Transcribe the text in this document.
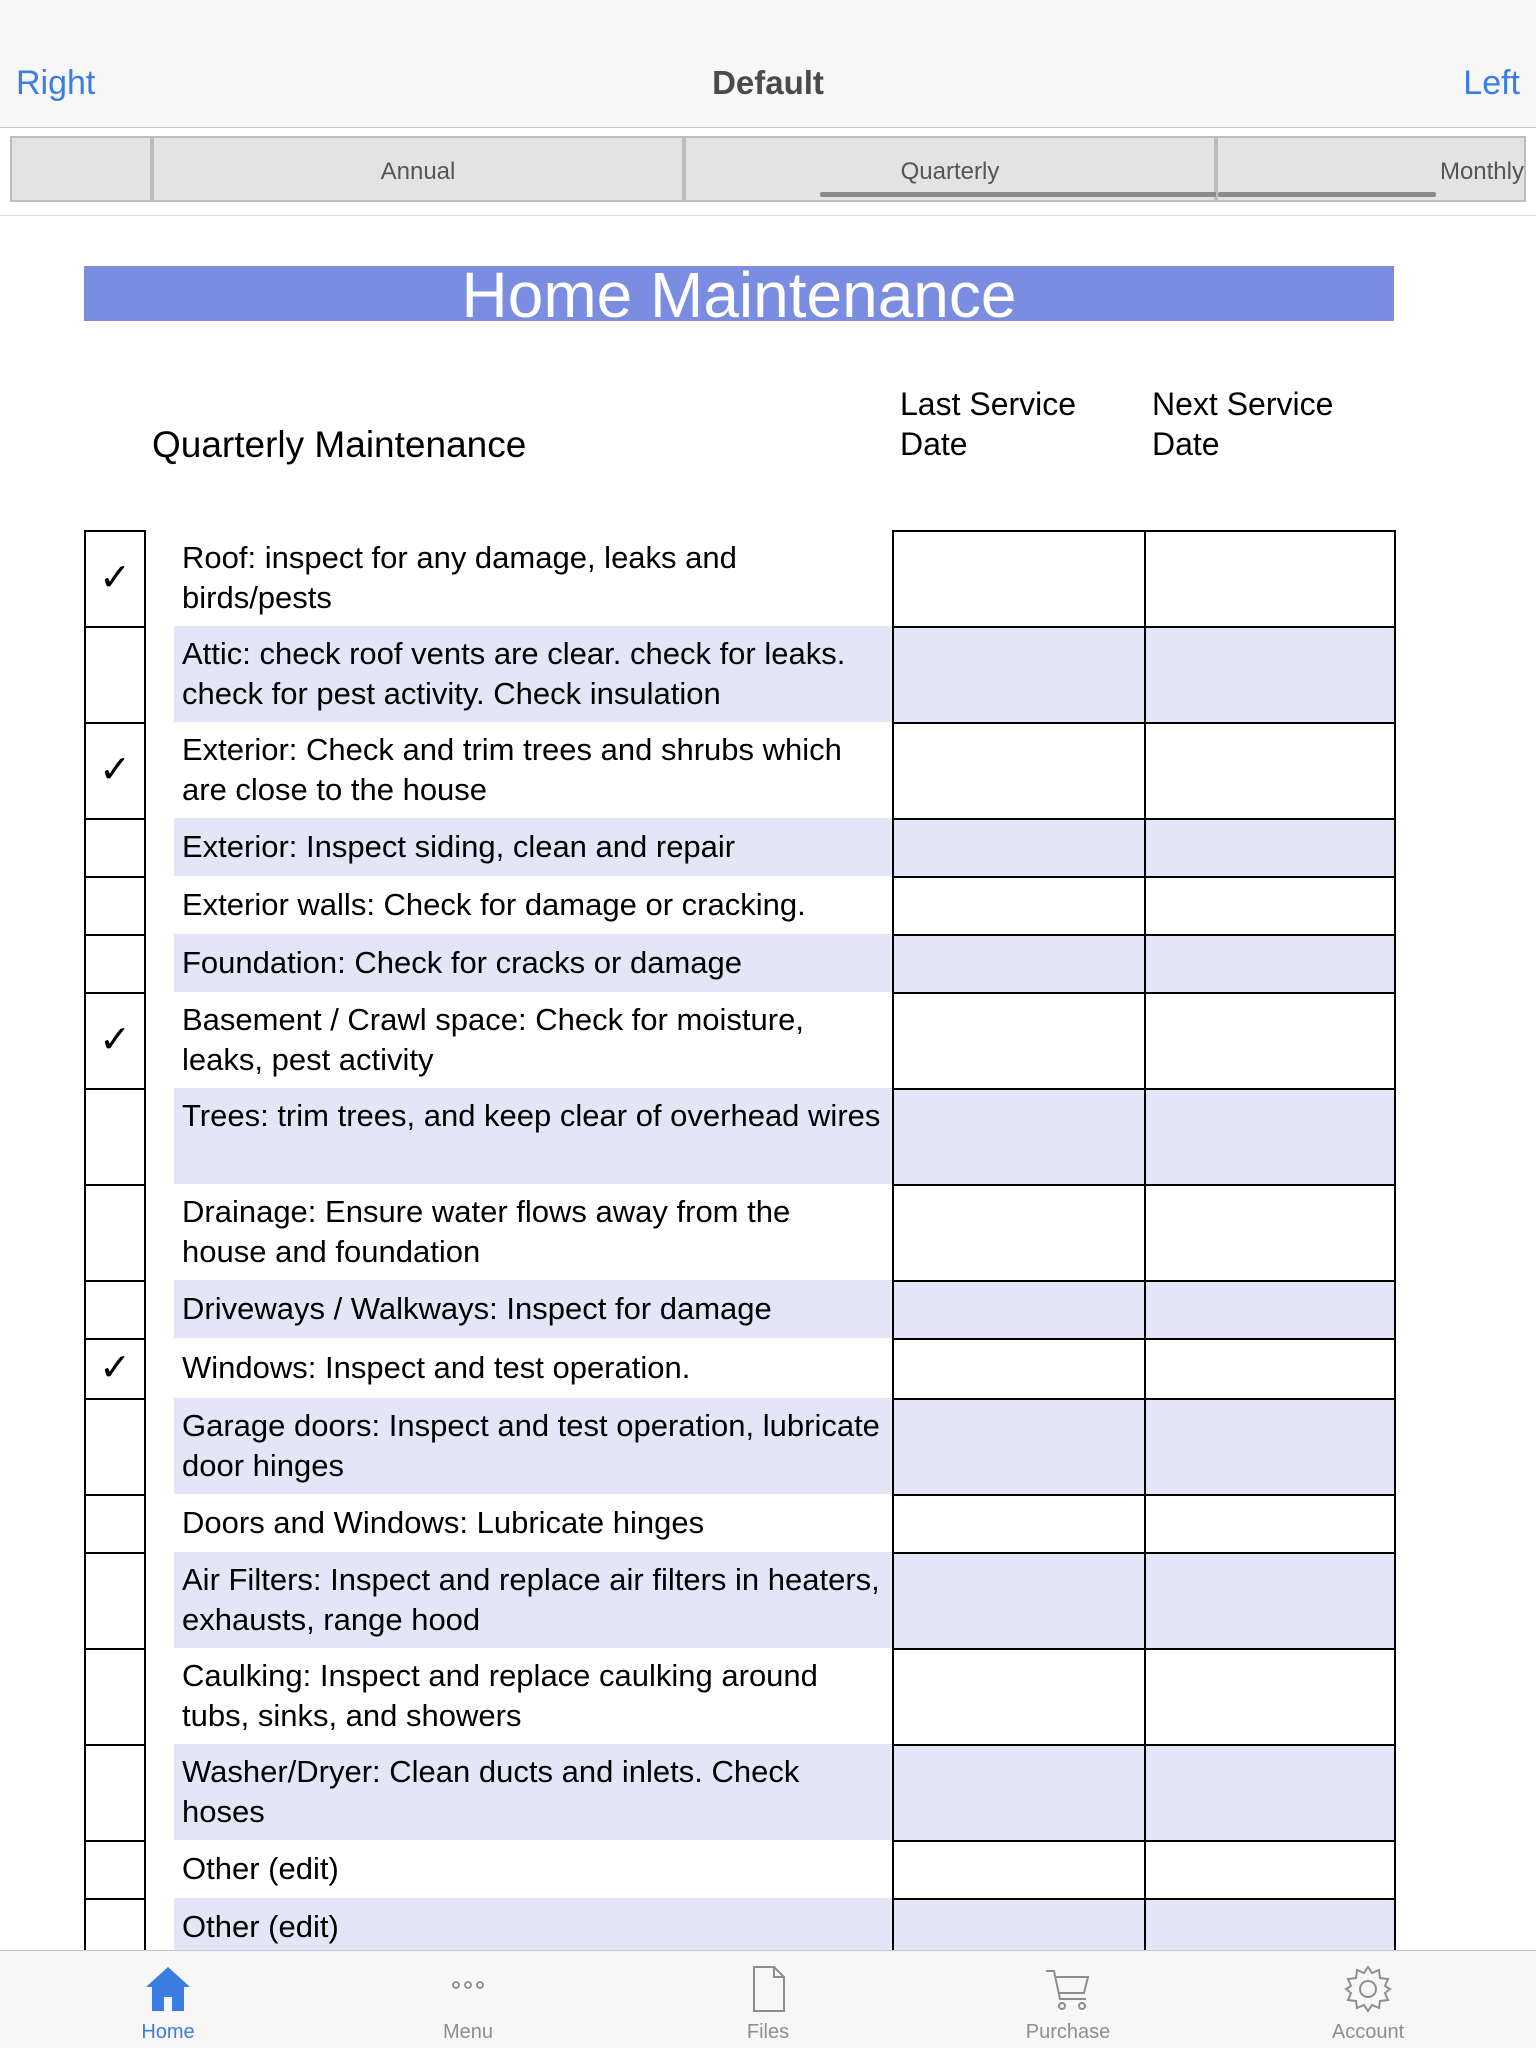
Right	Default	Left
Annual	Quarterly	Monthly
Home Maintenance
Quarterly Maintenance
Last Service Date
Next Service Date
✓	Roof: inspect for any damage, leaks and birds/pests
Attic: check roof vents are clear. check for leaks. check for pest activity. Check insulation
✓	Exterior: Check and trim trees and shrubs which are close to the house
Exterior: Inspect siding, clean and repair
Exterior walls: Check for damage or cracking.
Foundation: Check for cracks or damage
✓	Basement / Crawl space: Check for moisture, leaks, pest activity
Trees: trim trees, and keep clear of overhead wires
Drainage: Ensure water flows away from the house and foundation
Driveways / Walkways: Inspect for damage
✓	Windows: Inspect and test operation.
Garage doors: Inspect and test operation, lubricate door hinges
Doors and Windows: Lubricate hinges
Air Filters: Inspect and replace air filters in heaters, exhausts, range hood
Caulking: Inspect and replace caulking around tubs, sinks, and showers
Washer/Dryer: Clean ducts and inlets. Check hoses
Other (edit)
Other (edit)
Home	Menu	Files	Purchase	Account
